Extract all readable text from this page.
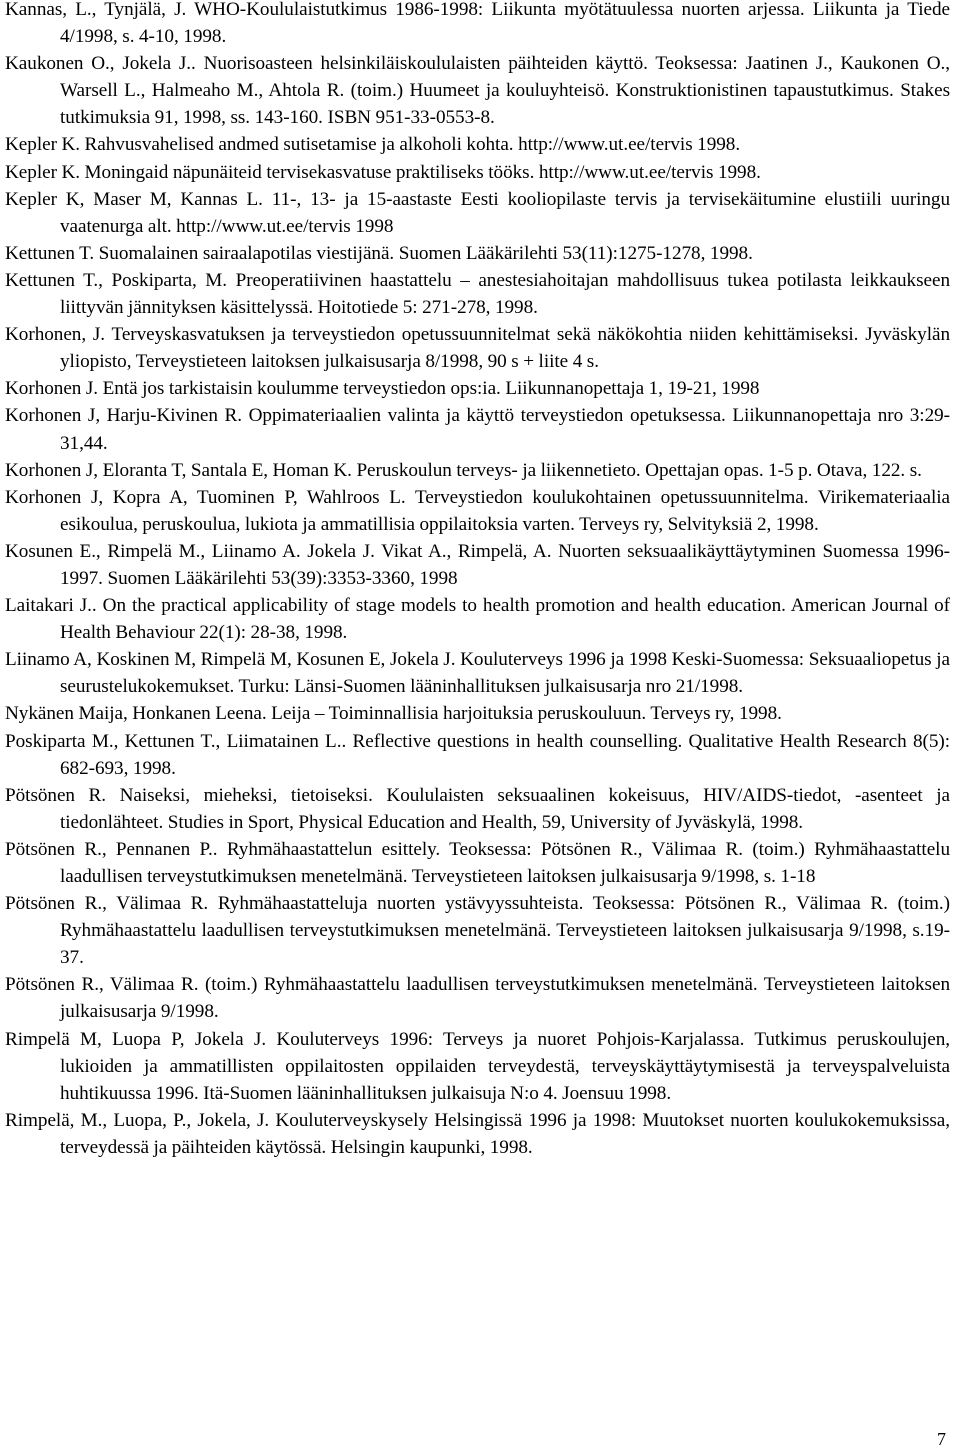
Kannas, L., Tynjälä, J. WHO-Koululaistutkimus 1986-1998: Liikunta myötätuulessa nuorten arjessa. Liikunta ja Tiede 4/1998, s. 4-10, 1998.

Kaukonen O., Jokela J.. Nuorisoasteen helsinkiläiskoululaisten päihteiden käyttö. Teoksessa: Jaatinen J., Kaukonen O., Warsell L., Halmeaho M., Ahtola R. (toim.) Huumeet ja kouluyhteisö. Konstruktionistinen tapaustutkimus. Stakes tutkimuksia 91, 1998, ss. 143-160. ISBN 951-33-0553-8.

Kepler K. Rahvusvahelised andmed sutisetamise ja alkoholi kohta. http://www.ut.ee/tervis 1998.

Kepler K. Moningaid näpunäiteid tervisekasvatuse praktiliseks tööks. http://www.ut.ee/tervis 1998.

Kepler K, Maser M, Kannas L. 11-, 13- ja 15-aastaste Eesti kooliopilaste tervis ja tervisekäitumine elustiili uuringu vaatenurga alt. http://www.ut.ee/tervis 1998

Kettunen T. Suomalainen sairaalapotilas viestijänä. Suomen Lääkärilehti 53(11):1275-1278, 1998.

Kettunen T., Poskiparta, M. Preoperatiivinen haastattelu – anestesiahoitajan mahdollisuus tukea potilasta leikkaukseen liittyvän jännityksen käsittelyssä. Hoitotiede 5: 271-278, 1998.

Korhonen, J. Terveyskasvatuksen ja terveystiedon opetussuunnitelmat sekä näkökohtia niiden kehittämiseksi. Jyväskylän yliopisto, Terveystieteen laitoksen julkaisusarja 8/1998, 90 s + liite 4 s.

Korhonen J. Entä jos tarkistaisin koulumme terveystiedon ops:ia. Liikunnanopettaja 1, 19-21, 1998

Korhonen J, Harju-Kivinen R. Oppimateriaalien valinta ja käyttö terveystiedon opetuksessa. Liikunnanopettaja nro 3:29-31,44.

Korhonen J, Eloranta T, Santala E, Homan K. Peruskoulun terveys- ja liikennetieto. Opettajan opas. 1-5 p. Otava, 122. s.

Korhonen J, Kopra A, Tuominen P, Wahlroos L. Terveystiedon koulukohtainen opetussuunnitelma. Virikemateriaalia esikoulua, peruskoulua, lukiota ja ammatillisia oppilaitoksia varten. Terveys ry, Selvityksiä 2, 1998.

Kosunen E., Rimpelä M., Liinamo A. Jokela J. Vikat A., Rimpelä, A. Nuorten seksuaalikäyttäytyminen Suomessa 1996-1997. Suomen Lääkärilehti 53(39):3353-3360, 1998

Laitakari J.. On the practical applicability of stage models to health promotion and health education. American Journal of Health Behaviour 22(1): 28-38, 1998.

Liinamo A, Koskinen M, Rimpelä M, Kosunen E, Jokela J. Kouluterveys 1996 ja 1998 Keski-Suomessa: Seksuaaliopetus ja seurustelukokemukset. Turku: Länsi-Suomen lääninhallituksen julkaisusarja nro 21/1998.

Nykänen Maija, Honkanen Leena. Leija – Toiminnallisia harjoituksia peruskouluun. Terveys ry, 1998.

Poskiparta M., Kettunen T., Liimatainen L.. Reflective questions in health counselling. Qualitative Health Research 8(5): 682-693, 1998.

Pötsönen R. Naiseksi, mieheksi, tietoiseksi. Koululaisten seksuaalinen kokeisuus, HIV/AIDS-tiedot, -asenteet ja tiedonlähteet. Studies in Sport, Physical Education and Health, 59, University of Jyväskylä, 1998.

Pötsönen R., Pennanen P.. Ryhmähaastattelun esittely. Teoksessa: Pötsönen R., Välimaa R. (toim.) Ryhmähaastattelu laadullisen terveystutkimuksen menetelmänä. Terveystieteen laitoksen julkaisusarja 9/1998, s. 1-18

Pötsönen R., Välimaa R. Ryhmähaastatteluja nuorten ystävyyssuhteista. Teoksessa: Pötsönen R., Välimaa R. (toim.) Ryhmähaastattelu laadullisen terveystutkimuksen menetelmänä. Terveystieteen laitoksen julkaisusarja 9/1998, s.19-37.

Pötsönen R., Välimaa R. (toim.) Ryhmähaastattelu laadullisen terveystutkimuksen menetelmänä. Terveystieteen laitoksen julkaisusarja 9/1998.

Rimpelä M, Luopa P, Jokela J. Kouluterveys 1996: Terveys ja nuoret Pohjois-Karjalassa. Tutkimus peruskoulujen, lukioiden ja ammatillisten oppilaitosten oppilaiden terveydestä, terveyskäyttäytymisestä ja terveyspalveluista huhtikuussa 1996. Itä-Suomen lääninhallituksen julkaisuja N:o 4. Joensuu 1998.

Rimpelä, M., Luopa, P., Jokela, J. Kouluterveyskysely Helsingissä 1996 ja 1998: Muutokset nuorten koulukokemuksissa, terveydessä ja päihteiden käytössä. Helsingin kaupunki, 1998.

7
